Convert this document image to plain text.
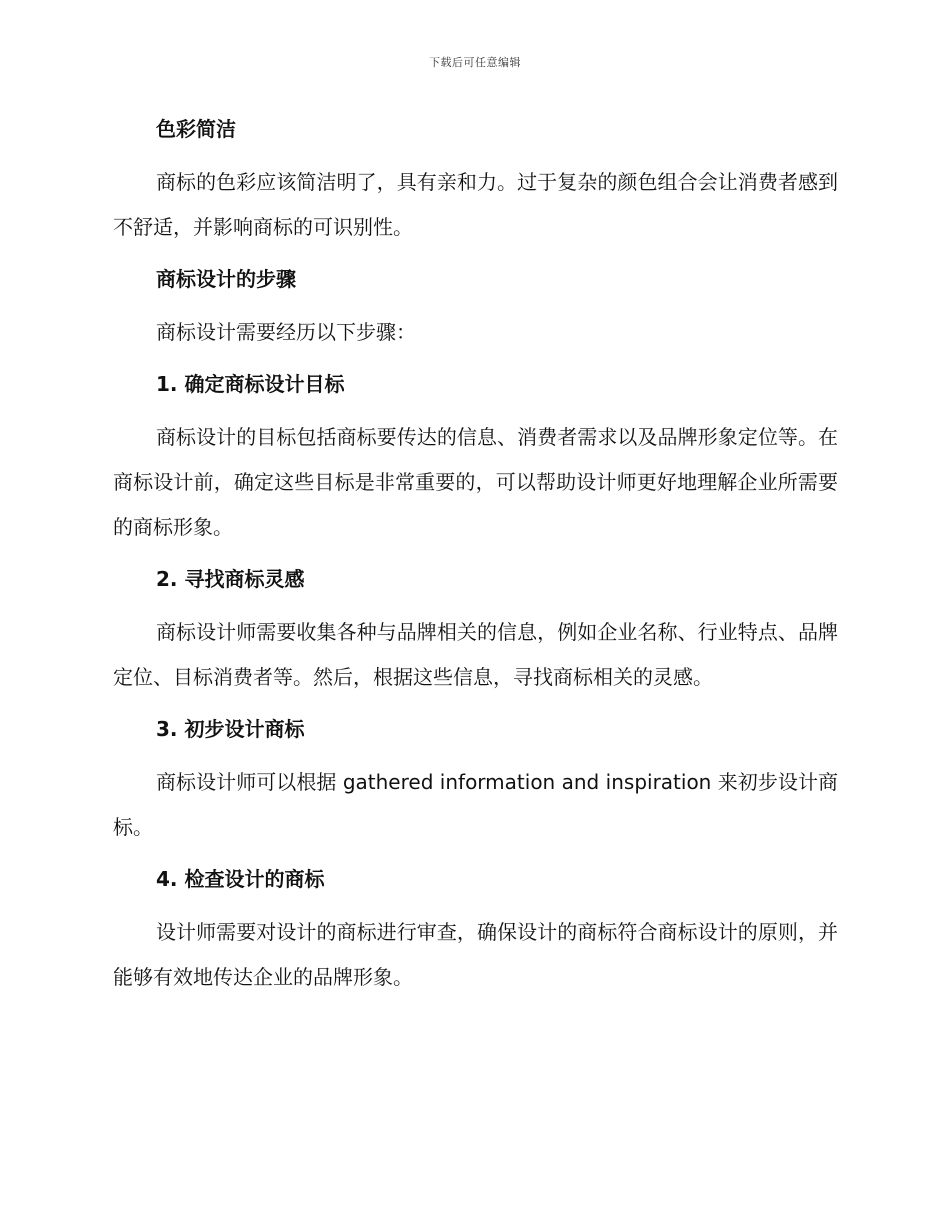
下载后可任意编辑
色彩简洁

商标的色彩应该简洁明了，具有亲和力。过于复杂的颜色组合会让消费者感到不舒适，并影响商标的可识别性。

商标设计的步骤

商标设计需要经历以下步骤：

1. 确定商标设计目标

商标设计的目标包括商标要传达的信息、消费者需求以及品牌形象定位等。在商标设计前，确定这些目标是非常重要的，可以帮助设计师更好地理解企业所需要的商标形象。

2. 寻找商标灵感

商标设计师需要收集各种与品牌相关的信息，例如企业名称、行业特点、品牌定位、目标消费者等。然后，根据这些信息，寻找商标相关的灵感。

3. 初步设计商标

商标设计师可以根据 gathered information and inspiration 来初步设计商标。

4. 检查设计的商标

设计师需要对设计的商标进行审查，确保设计的商标符合商标设计的原则，并能够有效地传达企业的品牌形象。
